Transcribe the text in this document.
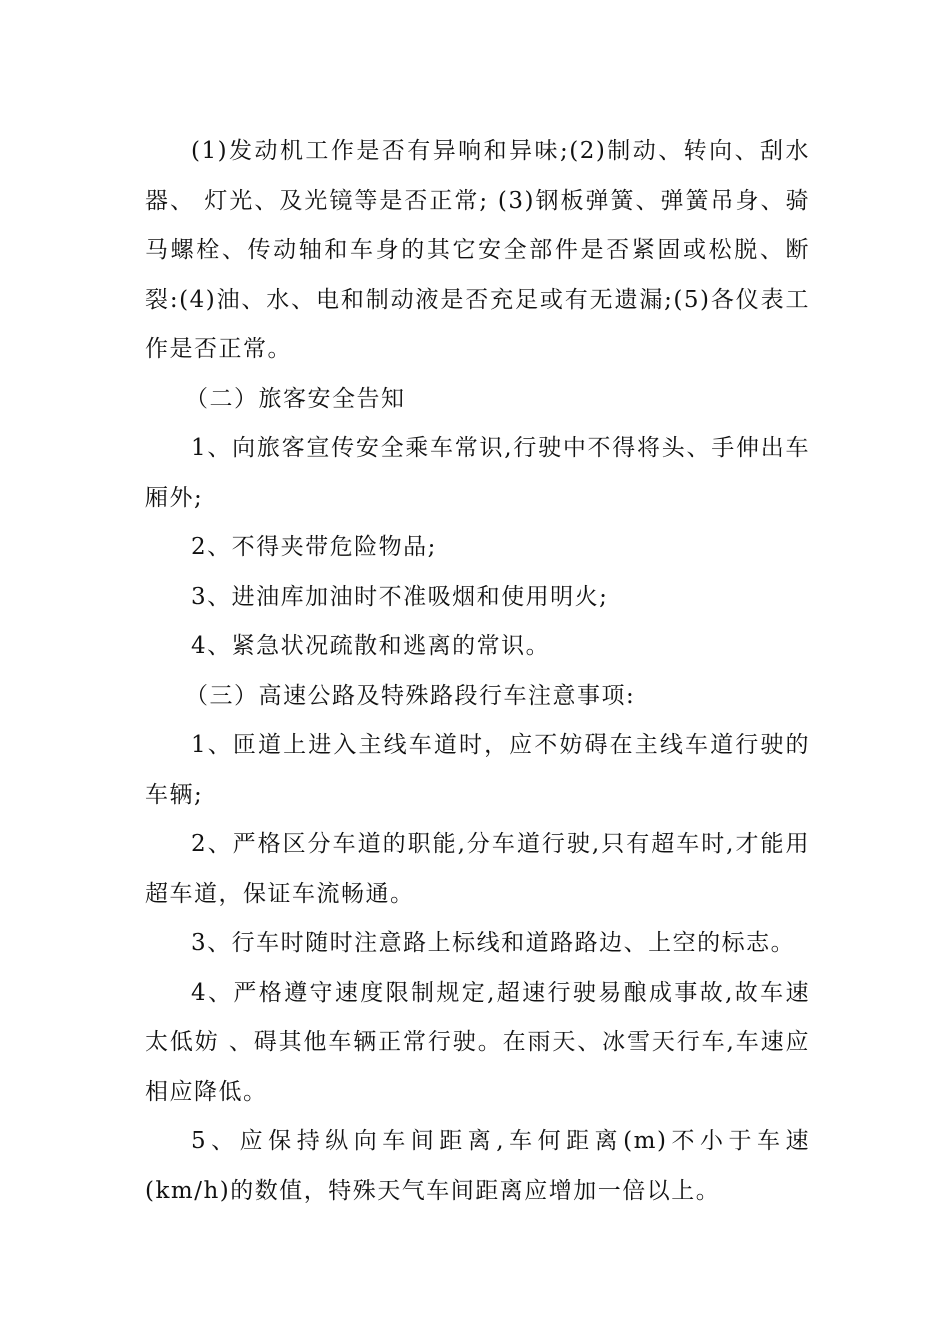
(1)发动机工作是否有异响和异味;(2)制动、转向、刮水器、 灯光、及光镜等是否正常; (3)钢板弹簧、弹簧吊身、骑马螺栓、传动轴和车身的其它安全部件是否紧固或松脱、断裂:(4)油、水、电和制动液是否充足或有无遗漏;(5)各仪表工作是否正常。

（二）旅客安全告知

1、向旅客宣传安全乘车常识,行驶中不得将头、手伸出车厢外;

2、不得夹带危险物品;

3、进油库加油时不准吸烟和使用明火;

4、紧急状况疏散和逃离的常识。

（三）高速公路及特殊路段行车注意事项:

1、匝道上进入主线车道时，应不妨碍在主线车道行驶的车辆;

2、严格区分车道的职能,分车道行驶,只有超车时,才能用超车道，保证车流畅通。

3、行车时随时注意路上标线和道路路边、上空的标志。

4、严格遵守速度限制规定,超速行驶易酿成事故,故车速太低妨 、碍其他车辆正常行驶。在雨天、冰雪天行车,车速应相应降低。

5、应保持纵向车间距离,车何距离(m)不小于车速(km/h)的数值，特殊天气车间距离应增加一倍以上。
